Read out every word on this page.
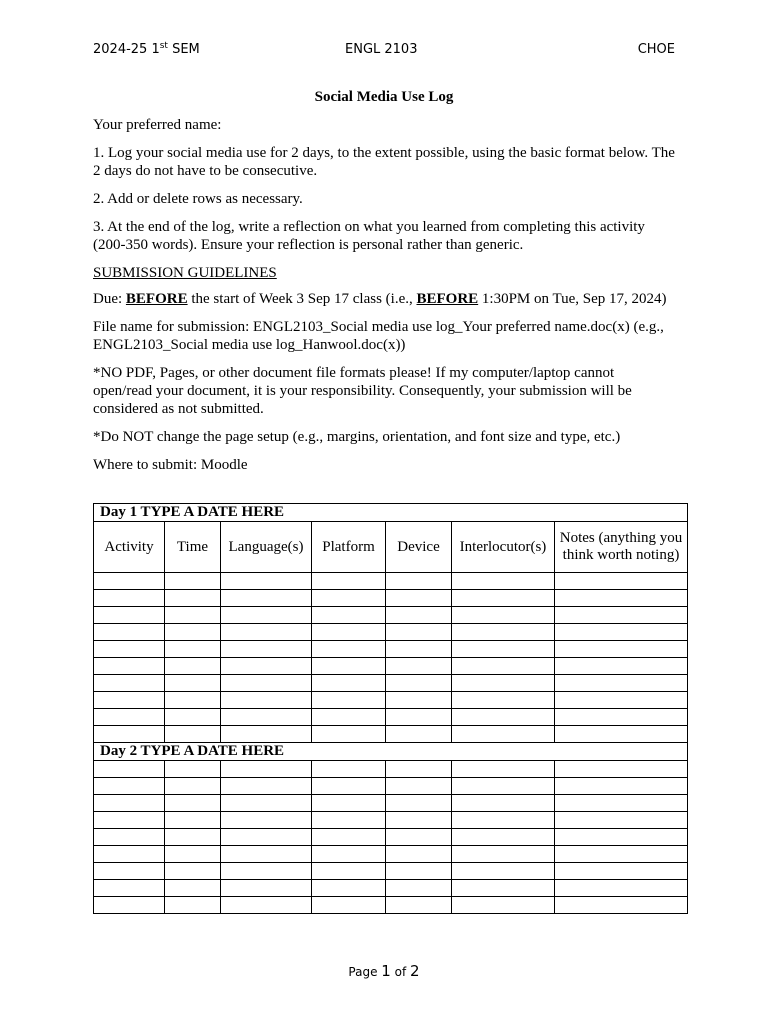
2024-25 1st SEM	ENGL 2103	CHOE

Social Media Use Log

Your preferred name:

1. Log your social media use for 2 days, to the extent possible, using the basic format below. The 2 days do not have to be consecutive.

2. Add or delete rows as necessary.

3. At the end of the log, write a reflection on what you learned from completing this activity (200-350 words). Ensure your reflection is personal rather than generic.

SUBMISSION GUIDELINES

Due: BEFORE the start of Week 3 Sep 17 class (i.e., BEFORE 1:30PM on Tue, Sep 17, 2024)

File name for submission: ENGL2103_Social media use log_Your preferred name.doc(x) (e.g., ENGL2103_Social media use log_Hanwool.doc(x))

*NO PDF, Pages, or other document file formats please! If my computer/laptop cannot open/read your document, it is your responsibility. Consequently, your submission will be considered as not submitted.

*Do NOT change the page setup (e.g., margins, orientation, and font size and type, etc.)

Where to submit: Moodle

Day 1 TYPE A DATE HERE						
Activity	Time	Language(s)	Platform	Device	Interlocutor(s)	Notes (anything you think worth noting)

Day 2 TYPE A DATE HERE						

Page 1 of 2
